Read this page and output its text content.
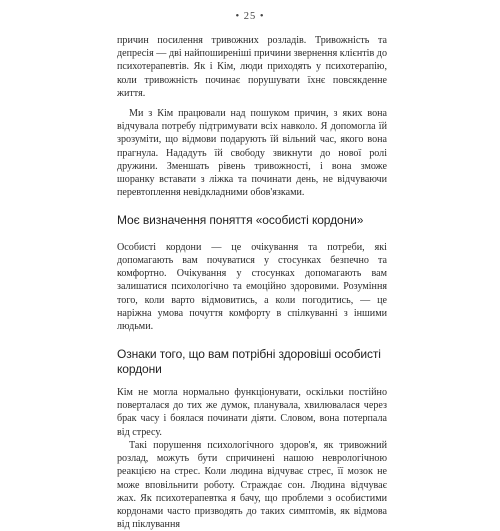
• 25 •

причин посилення тривожних розладів. Тривожність та депресія — дві найпоширеніші причини звернення клієнтів до психотерапевтів. Як і Кім, люди приходять у психотерапію, коли тривожність починає порушувати їхнє повсякденне життя.

Ми з Кім працювали над пошуком причин, з яких вона відчувала потребу підтримувати всіх навколо. Я допомогла їй зрозуміти, що відмови подарують їй вільний час, якого вона прагнула. Нададуть їй свободу звикнути до нової ролі дружини. Зменшать рівень тривожності, і вона зможе шоранку вставати з ліжка та починати день, не відчуваючи перевтоплення невідкладними обов'язками.

Моє визначення поняття «особисті кордони»

Особисті кордони — це очікування та потреби, які допомагають вам почуватися у стосунках безпечно та комфортно. Очікування у стосунках допомагають вам залишатися психологічно та емоційно здоровими. Розуміння того, коли варто відмовитись, а коли погодитись, — це наріжна умова почуття комфорту в спілкуванні з іншими людьми.

Ознаки того, що вам потрібні здоровіші особисті кордони

Кім не могла нормально функціонувати, оскільки постійно поверталася до тих же думок, планувала, хвилювалася через брак часу і боялася починати діяти. Словом, вона потерпала від стресу.

Такі порушення психологічного здоров'я, як тривожний розлад, можуть бути спричинені нашою неврологічною реакцією на стрес. Коли людина відчуває стрес, її мозок не може вповільнити роботу. Страждає сон. Людина відчуває жах. Як психотерапевтка я бачу, що проблеми з особистими кордонами часто призводять до таких симптомів, як відмова від піклування
